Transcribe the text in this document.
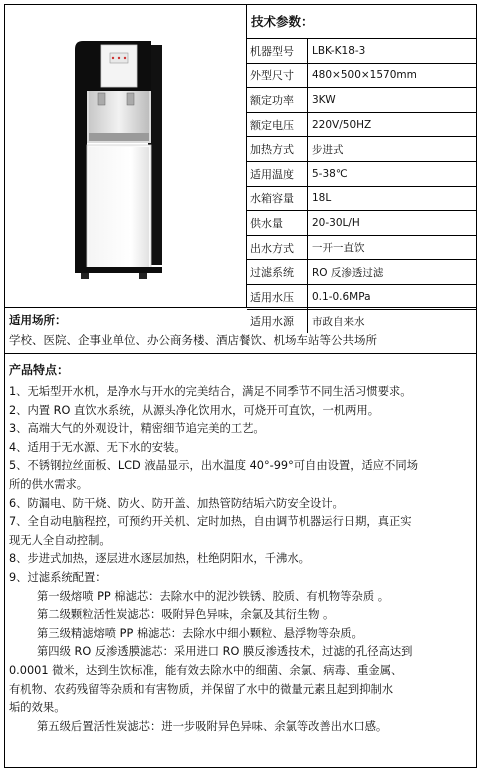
技术参数：
机器型号	LBK-K18-3
外型尺寸	480×500×1570mm
额定功率	3KW
额定电压	220V/50HZ
加热方式	步进式
适用温度	5-38℃
水箱容量	18L
供水量	20-30L/H
出水方式	一开一直饮
过滤系统	RO 反渗透过滤
适用水压	0.1-0.6MPa
适用水源	市政自来水
适用场所：
学校、医院、企事业单位、办公商务楼、酒店餐饮、机场车站等公共场所
产品特点：

1、无垢型开水机，是净水与开水的完美结合，满足不同季节不同生活习惯要求。

2、内置 RO 直饮水系统，从源头净化饮用水，可烧开可直饮，一机两用。

3、高端大气的外观设计，精密细节追完美的工艺。

4、适用于无水源、无下水的安装。

5、不锈钢拉丝面板、LCD 液晶显示，出水温度 40°-99°可自由设置，适应不同场

所的供水需求。

6、防漏电、防干烧、防火、防开盖、加热管防结垢六防安全设计。

7、全自动电脑程控，可预约开关机、定时加热，自由调节机器运行日期，真正实

现无人全自动控制。

8、步进式加热，逐层进水逐层加热，杜绝阴阳水，千沸水。

9、过滤系统配置：

第一级熔喷 PP 棉滤芯：去除水中的泥沙铁锈、胶质、有机物等杂质 。

第二级颗粒活性炭滤芯：吸附异色异味，余氯及其衍生物 。

第三级精滤熔喷 PP 棉滤芯：去除水中细小颗粒、悬浮物等杂质。

第四级 RO 反渗透膜滤芯：采用进口 RO 膜反渗透技术，过滤的孔径高达到

0.0001 微米，达到生饮标准，能有效去除水中的细菌、余氯、病毒、重金属、

有机物、农药残留等杂质和有害物质，并保留了水中的微量元素且起到抑制水

垢的效果。

第五级后置活性炭滤芯：进一步吸附异色异味、余氯等改善出水口感。
